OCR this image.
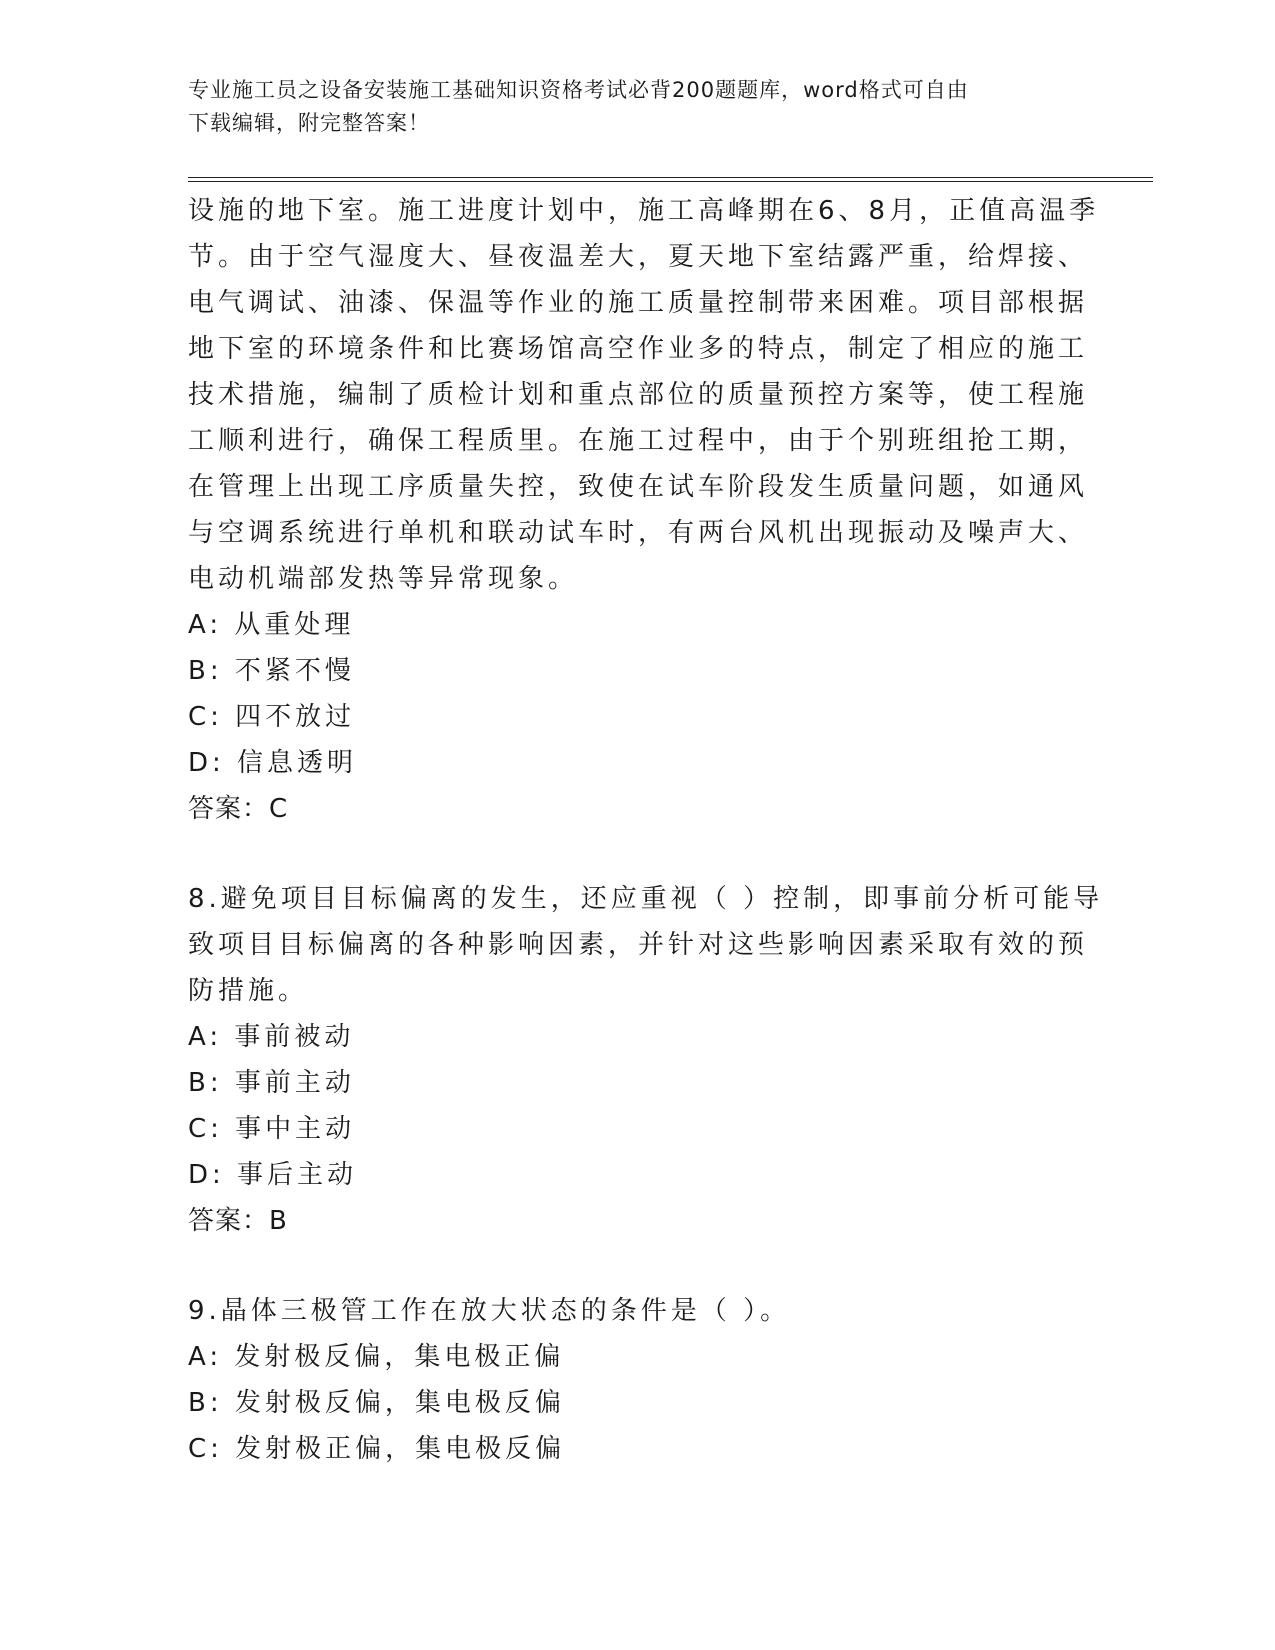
专业施工员之设备安装施工基础知识资格考试必背200题题库，word格式可自由
下载编辑，附完整答案！
设施的地下室。施工进度计划中，施工高峰期在6、8月，正值高温季
节。由于空气湿度大、昼夜温差大，夏天地下室结露严重，给焊接、
电气调试、油漆、保温等作业的施工质量控制带来困难。项目部根据
地下室的环境条件和比赛场馆高空作业多的特点，制定了相应的施工
技术措施，编制了质检计划和重点部位的质量预控方案等，使工程施
工顺利进行，确保工程质里。在施工过程中，由于个别班组抢工期，
在管理上出现工序质量失控，致使在试车阶段发生质量问题，如通风
与空调系统进行单机和联动试车时，有两台风机出现振动及噪声大、
电动机端部发热等异常现象。
A: 从重处理
B: 不紧不慢
C: 四不放过
D: 信息透明
答案：C
8.避免项目目标偏离的发生，还应重视（ ）控制，即事前分析可能导
致项目目标偏离的各种影响因素，并针对这些影响因素采取有效的预
防措施。
A: 事前被动
B: 事前主动
C: 事中主动
D: 事后主动
答案：B
9.晶体三极管工作在放大状态的条件是（ ）。
A: 发射极反偏，集电极正偏
B: 发射极反偏，集电极反偏
C: 发射极正偏，集电极反偏
